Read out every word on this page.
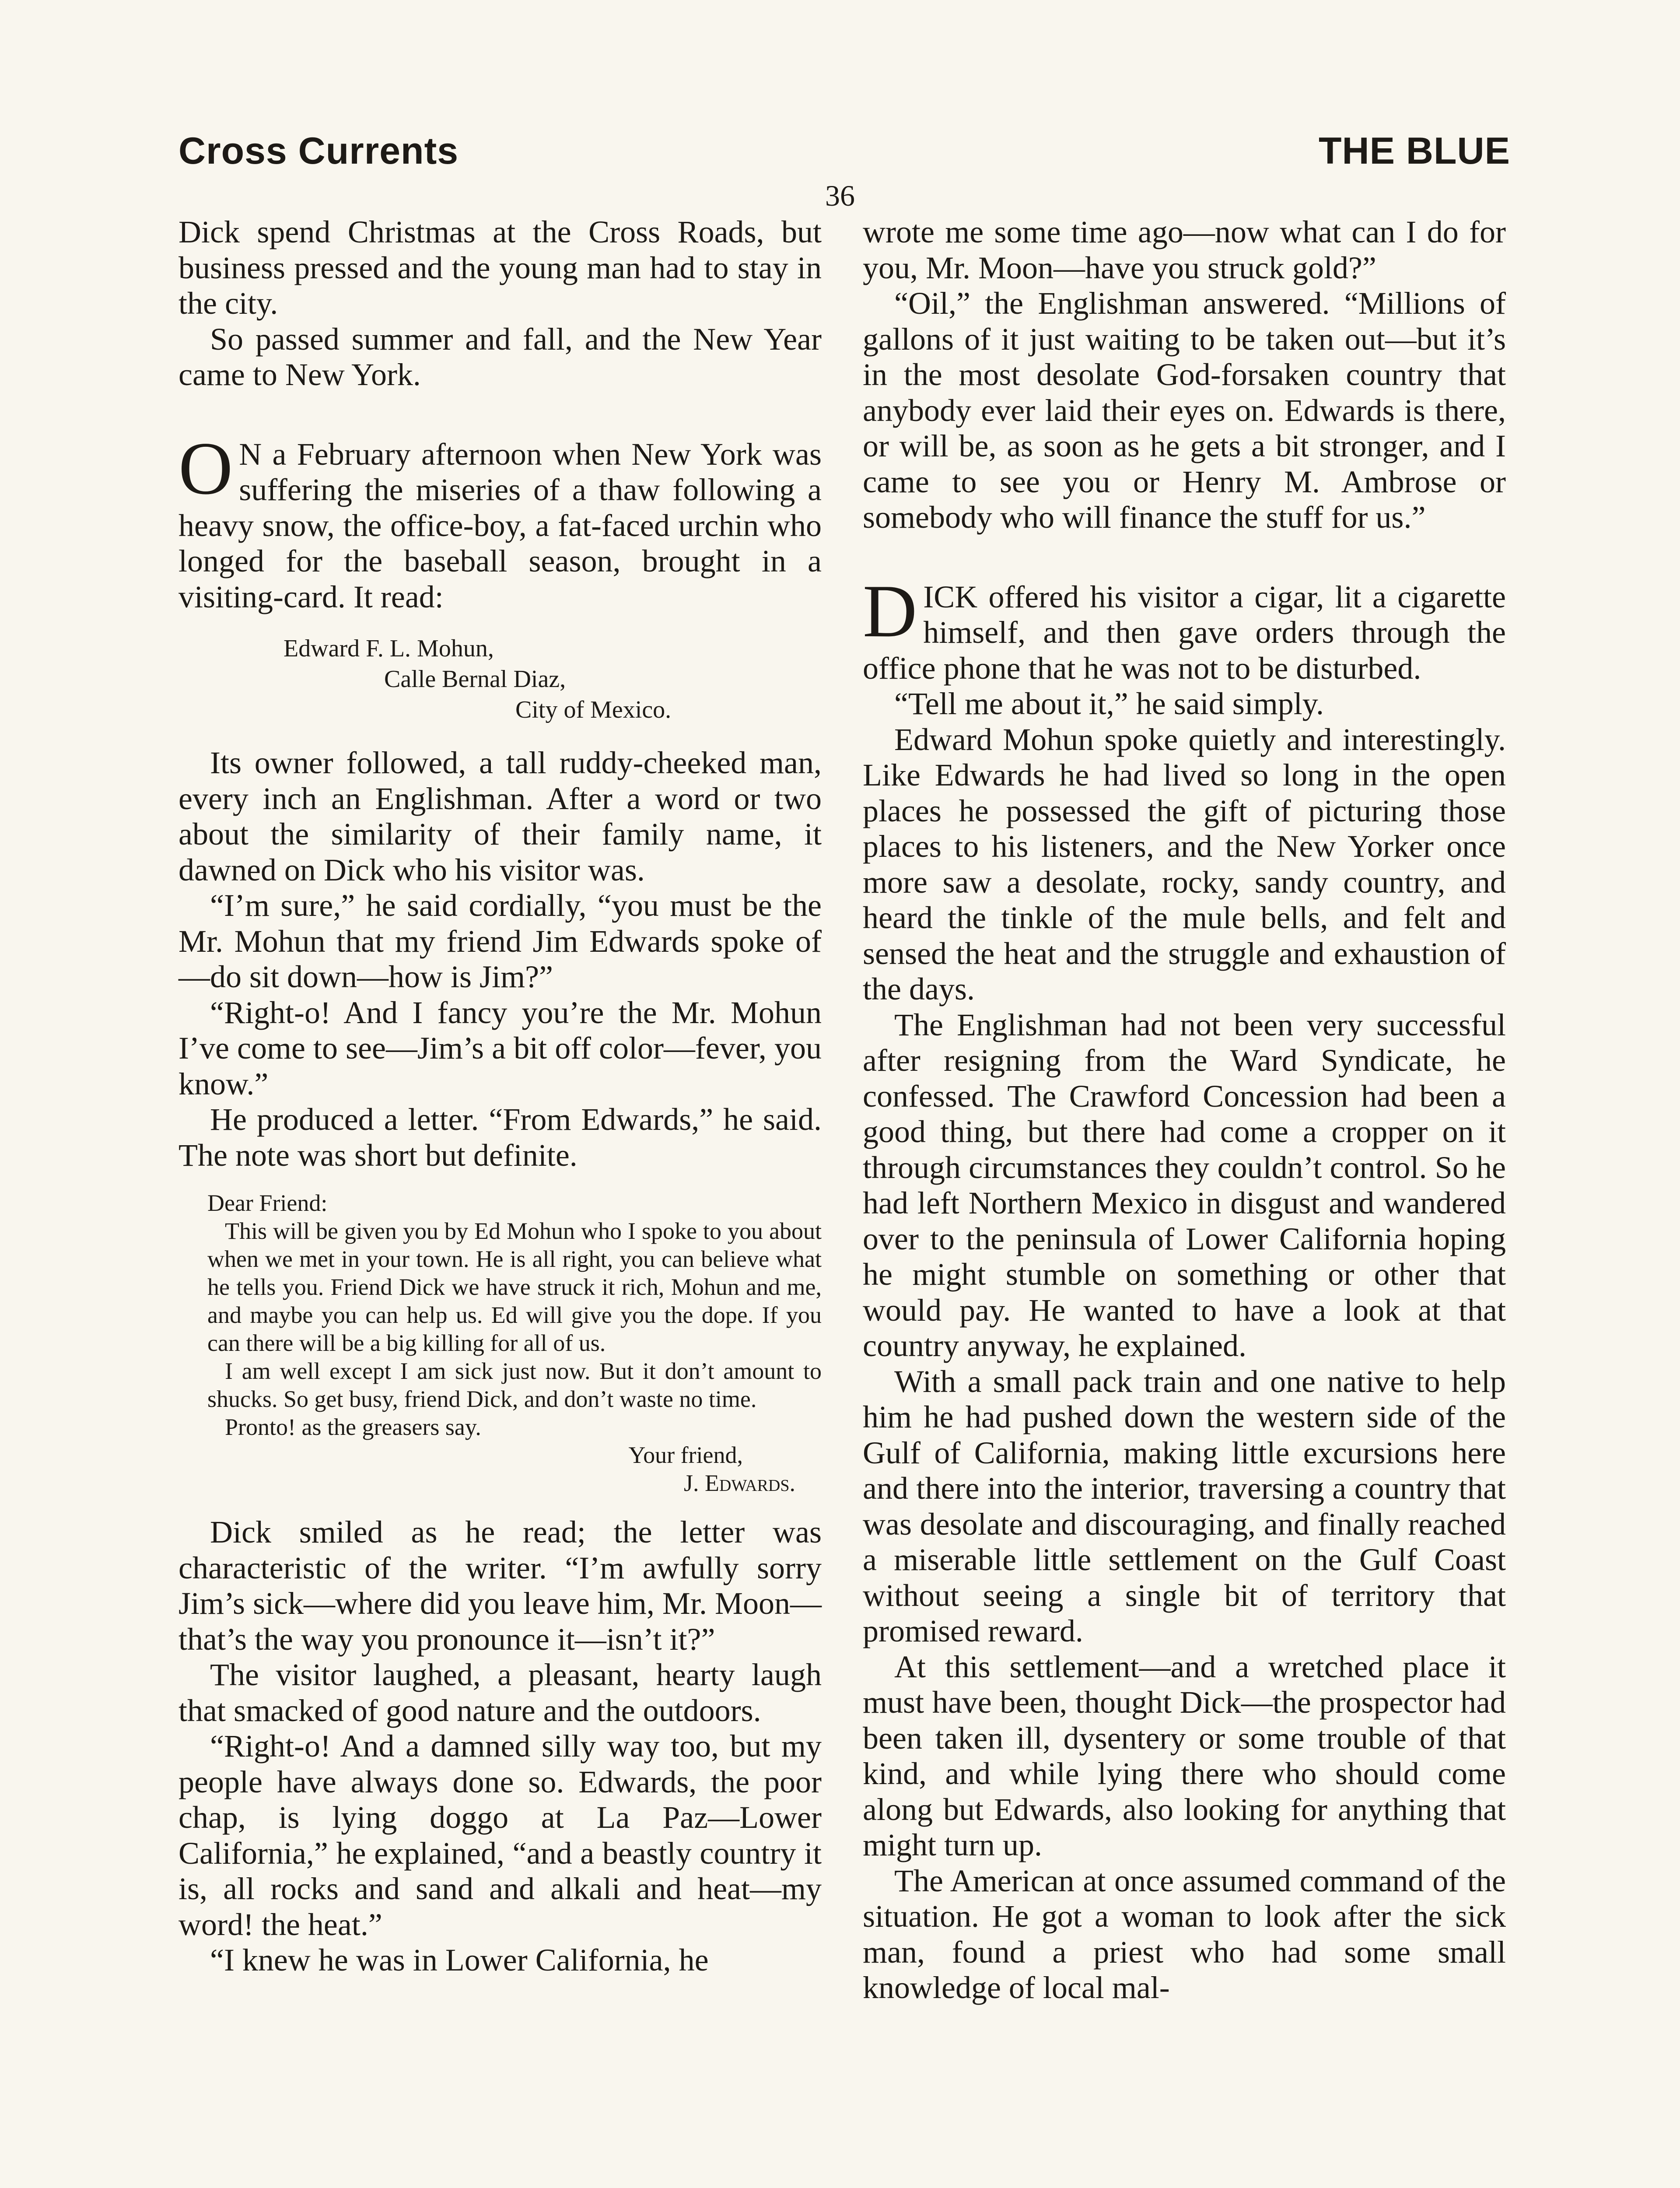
Cross Currents	THE BLUE
36

Dick spend Christmas at the Cross Roads, but business pressed and the young man had to stay in the city.

So passed summer and fall, and the New Year came to New York.

O N a February afternoon when New York was suffering the miseries of a thaw following a heavy snow, the office-boy, a fat-faced urchin who longed for the baseball season, brought in a visiting-card. It read:

Edward F. L. Mohun,
Calle Bernal Diaz,
City of Mexico.

Its owner followed, a tall ruddy-cheeked man, every inch an Englishman. After a word or two about the similarity of their family name, it dawned on Dick who his visitor was.

“I’m sure,” he said cordially, “you must be the Mr. Mohun that my friend Jim Edwards spoke of—do sit down—how is Jim?”

“Right-o! And I fancy you’re the Mr. Mohun I’ve come to see—Jim’s a bit off color—fever, you know.”

He produced a letter. “From Edwards,” he said. The note was short but definite.

Dear Friend:

This will be given you by Ed Mohun who I spoke to you about when we met in your town. He is all right, you can believe what he tells you. Friend Dick we have struck it rich, Mohun and me, and maybe you can help us. Ed will give you the dope. If you can there will be a big killing for all of us.

I am well except I am sick just now. But it don’t amount to shucks. So get busy, friend Dick, and don’t waste no time.

Pronto! as the greasers say.

Your friend,
J. Edwards.

Dick smiled as he read; the letter was characteristic of the writer. “I’m awfully sorry Jim’s sick—where did you leave him, Mr. Moon—that’s the way you pronounce it—isn’t it?”

The visitor laughed, a pleasant, hearty laugh that smacked of good nature and the outdoors.

“Right-o! And a damned silly way too, but my people have always done so. Edwards, the poor chap, is lying doggo at La Paz—Lower California,” he explained, “and a beastly country it is, all rocks and sand and alkali and heat—my word! the heat.”

“I knew he was in Lower California, he

wrote me some time ago—now what can I do for you, Mr. Moon—have you struck gold?”

“Oil,” the Englishman answered. “Millions of gallons of it just waiting to be taken out—but it’s in the most desolate God-forsaken country that anybody ever laid their eyes on. Edwards is there, or will be, as soon as he gets a bit stronger, and I came to see you or Henry M. Ambrose or somebody who will finance the stuff for us.”

DICK offered his visitor a cigar, lit a cigarette himself, and then gave orders through the office phone that he was not to be disturbed.

“Tell me about it,” he said simply.

Edward Mohun spoke quietly and interestingly. Like Edwards he had lived so long in the open places he possessed the gift of picturing those places to his listeners, and the New Yorker once more saw a desolate, rocky, sandy country, and heard the tinkle of the mule bells, and felt and sensed the heat and the struggle and exhaustion of the days.

The Englishman had not been very successful after resigning from the Ward Syndicate, he confessed. The Crawford Concession had been a good thing, but there had come a cropper on it through circumstances they couldn’t control. So he had left Northern Mexico in disgust and wandered over to the peninsula of Lower California hoping he might stumble on something or other that would pay. He wanted to have a look at that country anyway, he explained.

With a small pack train and one native to help him he had pushed down the western side of the Gulf of California, making little excursions here and there into the interior, traversing a country that was desolate and discouraging, and finally reached a miserable little settlement on the Gulf Coast without seeing a single bit of territory that promised reward.

At this settlement—and a wretched place it must have been, thought Dick—the prospector had been taken ill, dysentery or some trouble of that kind, and while lying there who should come along but Edwards, also looking for anything that might turn up.

The American at once assumed command of the situation. He got a woman to look after the sick man, found a priest who had some small knowledge of local mal-
